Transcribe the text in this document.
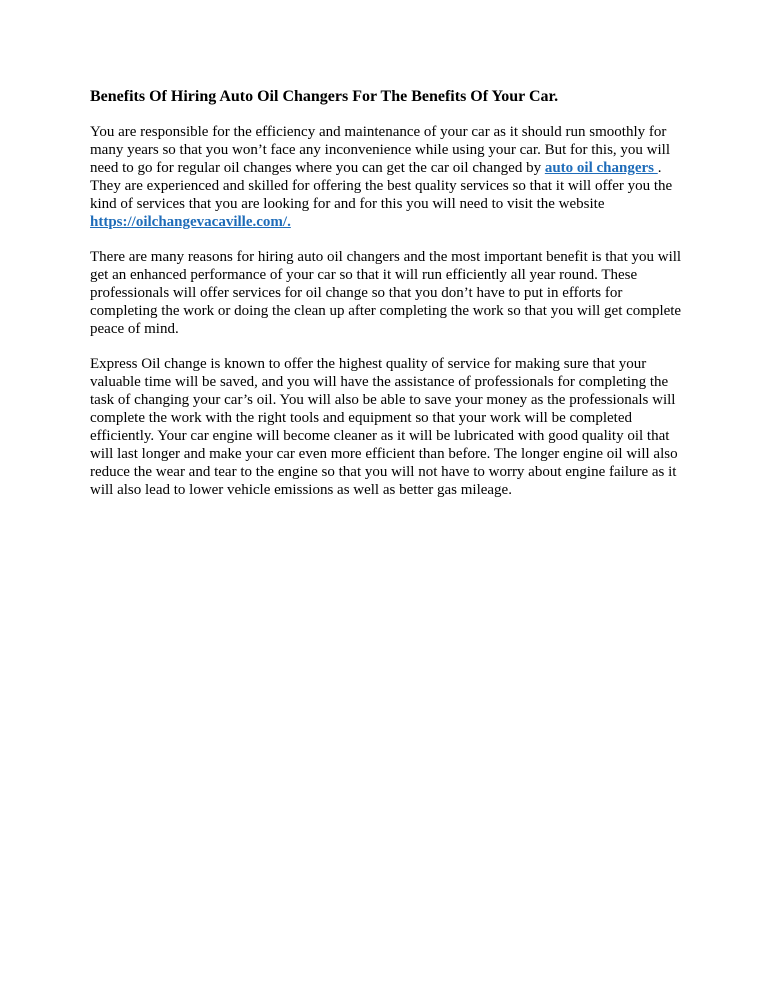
Benefits Of Hiring Auto Oil Changers For The Benefits Of Your Car.

You are responsible for the efficiency and maintenance of your car as it should run smoothly for many years so that you won’t face any inconvenience while using your car. But for this, you will need to go for regular oil changes where you can get the car oil changed by auto oil changers . They are experienced and skilled for offering the best quality services so that it will offer you the kind of services that you are looking for and for this you will need to visit the website https://oilchangevacaville.com/.

There are many reasons for hiring auto oil changers and the most important benefit is that you will get an enhanced performance of your car so that it will run efficiently all year round. These professionals will offer services for oil change so that you don’t have to put in efforts for completing the work or doing the clean up after completing the work so that you will get complete peace of mind.

Express Oil change is known to offer the highest quality of service for making sure that your valuable time will be saved, and you will have the assistance of professionals for completing the task of changing your car’s oil. You will also be able to save your money as the professionals will complete the work with the right tools and equipment so that your work will be completed efficiently. Your car engine will become cleaner as it will be lubricated with good quality oil that will last longer and make your car even more efficient than before. The longer engine oil will also reduce the wear and tear to the engine so that you will not have to worry about engine failure as it will also lead to lower vehicle emissions as well as better gas mileage.
